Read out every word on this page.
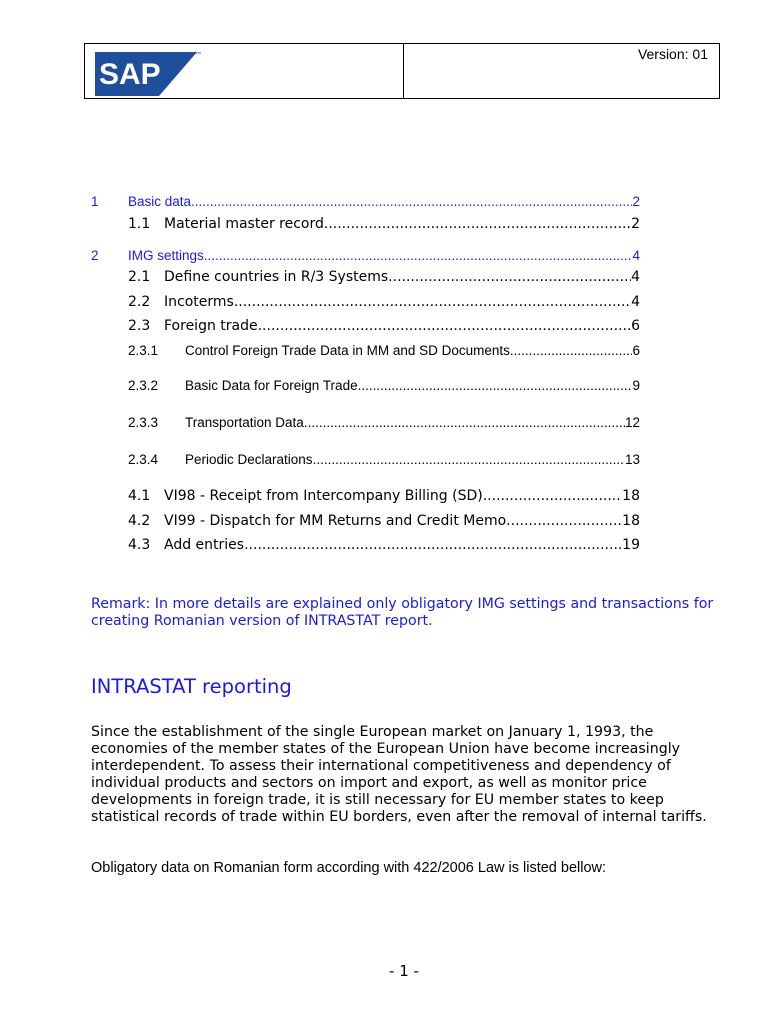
SAP
™	Version: 01
1	Basic data .....	2
1.1 Material master record .....	2
2	IMG settings .....	4
2.1 Define countries in R/3 Systems .....	4
2.2 Incoterms .....	4
2.3 Foreign trade .....	6
2.3.1	Control Foreign Trade Data in MM and SD Documents .....	6
2.3.2	Basic Data for Foreign Trade .....	9
2.3.3	Transportation Data .....	12
2.3.4	Periodic Declarations .....	13
4.1 VI98 - Receipt from Intercompany Billing (SD) .....	18
4.2 VI99 - Dispatch for MM Returns and Credit Memo .....	18
4.3 Add entries .....	19
Remark: In more details are explained only obligatory IMG settings and transactions for creating Romanian version of INTRASTAT report.
INTRASTAT reporting
Since the establishment of the single European market on January 1, 1993, the economies of the member states of the European Union have become increasingly interdependent. To assess their international competitiveness and dependency of individual products and sectors on import and export, as well as monitor price developments in foreign trade, it is still necessary for EU member states to keep statistical records of trade within EU borders, even after the removal of internal tariffs.
Obligatory data on Romanian form according with 422/2006 Law is listed bellow:
- 1 -
